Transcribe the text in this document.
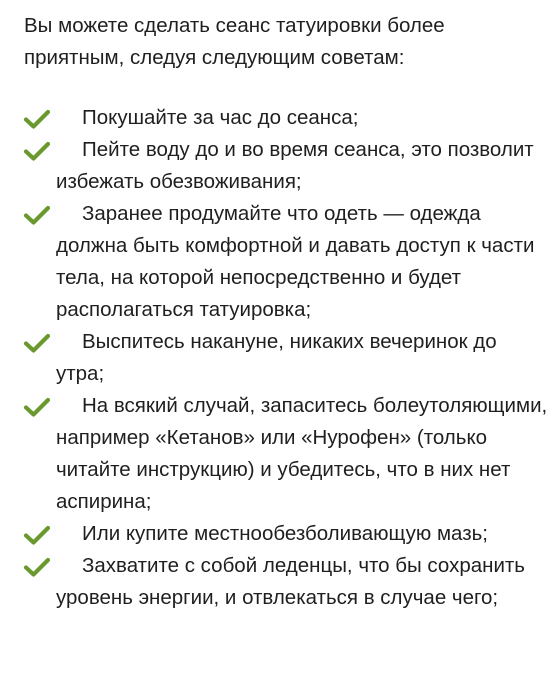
Вы можете сделать сеанс татуировки более приятным, следуя следующим советам:

Покушайте за час до сеанса;

Пейте воду до и во время сеанса, это позволит избежать обезвоживания;

Заранее продумайте что одеть — одежда должна быть комфортной и давать доступ к части тела, на которой непосредственно и будет располагаться татуировка;

Выспитесь накануне, никаких вечеринок до утра;

На всякий случай, запаситесь болеутоляющими, например «Кетанов» или «Нурофен» (только читайте инструкцию) и убедитесь, что в них нет аспирина;

Или купите местнообезболивающую мазь;

Захватите с собой леденцы, что бы сохранить уровень энергии, и отвлекаться в случае чего;
